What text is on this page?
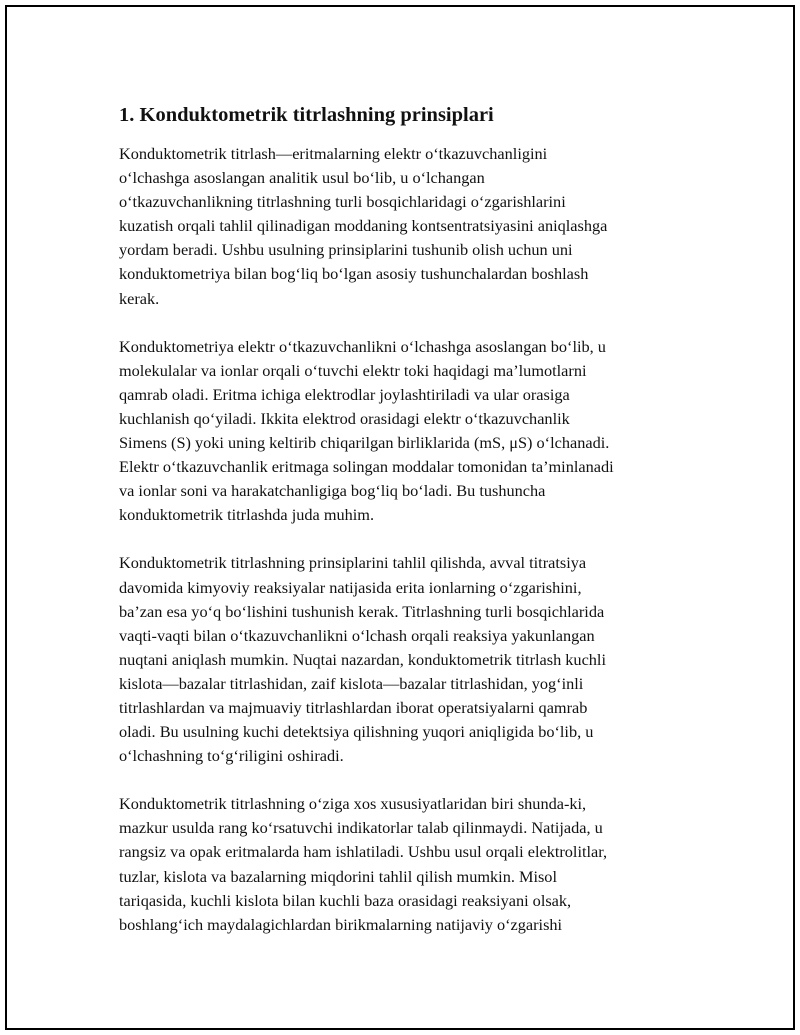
1. Konduktometrik titrlashning prinsiplari

Konduktometrik titrlash—eritmalarning elektr o‘tkazuvchanligini
o‘lchashga asoslangan analitik usul bo‘lib, u o‘lchangan
o‘tkazuvchanlikning titrlashning turli bosqichlaridagi o‘zgarishlarini
kuzatish orqali tahlil qilinadigan moddaning kontsentratsiyasini aniqlashga
yordam beradi. Ushbu usulning prinsiplarini tushunib olish uchun uni
konduktometriya bilan bog‘liq bo‘lgan asosiy tushunchalardan boshlash
kerak.

Konduktometriya elektr o‘tkazuvchanlikni o‘lchashga asoslangan bo‘lib, u
molekulalar va ionlar orqali o‘tuvchi elektr toki haqidagi ma’lumotlarni
qamrab oladi. Eritma ichiga elektrodlar joylashtiriladi va ular orasiga
kuchlanish qo‘yiladi. Ikkita elektrod orasidagi elektr o‘tkazuvchanlik
Simens (S) yoki uning keltirib chiqarilgan birliklarida (mS, μS) o‘lchanadi.
Elektr o‘tkazuvchanlik eritmaga solingan moddalar tomonidan ta’minlanadi
va ionlar soni va harakatchanligiga bog‘liq bo‘ladi. Bu tushuncha
konduktometrik titrlashda juda muhim.

Konduktometrik titrlashning prinsiplarini tahlil qilishda, avval titratsiya
davomida kimyoviy reaksiyalar natijasida erita ionlarning o‘zgarishini,
ba’zan esa yo‘q bo‘lishini tushunish kerak. Titrlashning turli bosqichlarida
vaqti-vaqti bilan o‘tkazuvchanlikni o‘lchash orqali reaksiya yakunlangan
nuqtani aniqlash mumkin. Nuqtai nazardan, konduktometrik titrlash kuchli
kislota—bazalar titrlashidan, zaif kislota—bazalar titrlashidan, yog‘inli
titrlashlardan va majmuaviy titrlashlardan iborat operatsiyalarni qamrab
oladi. Bu usulning kuchi detektsiya qilishning yuqori aniqligida bo‘lib, u
o‘lchashning to‘g‘riligini oshiradi.

Konduktometrik titrlashning o‘ziga xos xususiyatlaridan biri shunda-ki,
mazkur usulda rang ko‘rsatuvchi indikatorlar talab qilinmaydi. Natijada, u
rangsiz va opak eritmalarda ham ishlatiladi. Ushbu usul orqali elektrolitlar,
tuzlar, kislota va bazalarning miqdorini tahlil qilish mumkin. Misol
tariqasida, kuchli kislota bilan kuchli baza orasidagi reaksiyani olsak,
boshlang‘ich maydalagichlardan birikmalarning natijaviy o‘zgarishi
